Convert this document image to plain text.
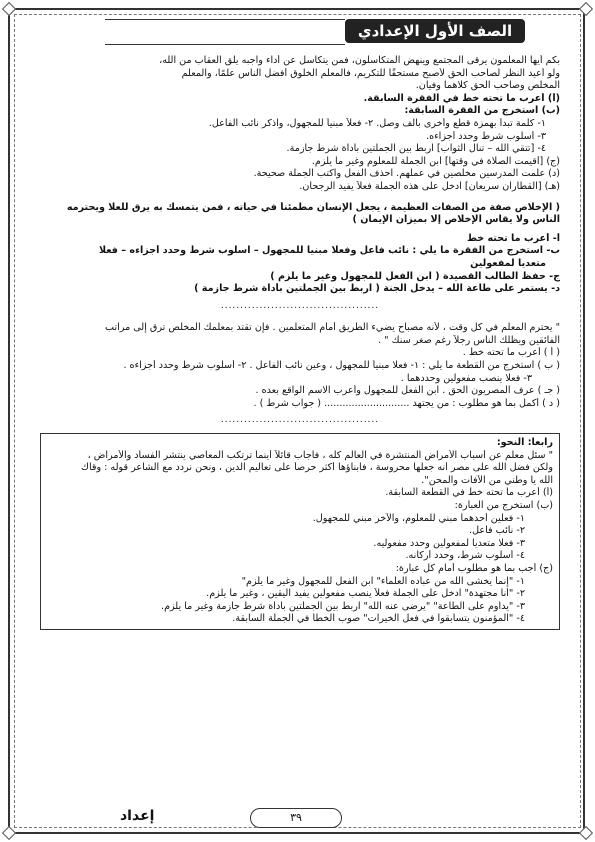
الصف الأول الإعدادي

بكم أيها المعلمون يرقى المجتمع وينهض المتكاسلون، فمن يتكاسل عن أداء واجبه يلق العقاب من الله،

ولو أعيد النظر لصاحب الحق لأصبح مستحقًا للتكريم، فالمعلم الخلوق أفضل الناس علمًا، والمعلم

المخلص وصاحب الحق كلاهما وفيان.

(أ) أعرب ما تحته خط في الفقرة السابقة.

(ب) استخرج من الفقرة السابقة:

١- كلمة تبدأ بهمزة قطع وأخرى بألف وصل. ٢- فعلاً مبنياً للمجهول، واذكر نائب الفاعل.

٣- أسلوب شرط وحدد أجزاءه.

٤- [تتقي الله – تنال الثواب] اربط بين الجملتين بأداة شرط جازمة.

(ج) [أقيمت الصلاة في وقتها] ابن الجملة للمعلوم وغير ما يلزم.

(د) علمت المدرسين مخلصين في عملهم. احذف الفعل واكتب الجملة صحيحة.

(هـ) [القطاران سريعان] ادخل على هذه الجملة فعلاً يفيد الرجحان.

( الإخلاص صفة من الصفات العظيمة ، يجعل الإنسان مطمئناً في حياته ، فمن يتمسك به يرق للعلا ويحترمه

الناس ولا يقاس الإخلاص إلا بميزان الإيمان )

أ- أعرب ما تحته خط

ب- استخرج من الفقرة ما يلي : نائب فاعل وفعلا مبنيا للمجهول – اسلوب شرط وحدد أجزاءه – فعلا

متعديا لمفعولين

ج- حفظ الطالب القصيدة ( ابن الفعل للمجهول وغير ما يلزم )

د- يستمر على طاعة الله – يدخل الجنة ( اربط بين الجملتين بأداة شرط جازمة )

.........................................

" يحترم المعلم في كل وقت ، لأنه مصباح يضيء الطريق أمام المتعلمين . فإن تقتد بمعلمك المخلص ترق إلى مراتب

الفائقين ويظلك الناس رجلاً رغم صغر سنك " .

( أ ) أعرب ما تحته خط .

( ب ) استخرج من القطعة ما يلي : ١- فعلا مبنياً للمجهول ، وعين نائب الفاعل . ٢- أسلوب شرط وحدد أجزاءه .

٣- فعلا ينصب مفعولين وحددهما .

( جـ ) عرف المصريون الحق . ابن الفعل للمجهول وأعرب الاسم الواقع بعده .

( د ) أكمل بما هو مطلوب : من يجتهد ............................ ( جواب شرط ) .

.........................................

رابعا: النحو:

" سئل معلم عن أسباب الأمراض المنتشرة في العالم كله ، فأجاب قائلاً أينما ترتكب المعاصي ينتشر الفساد والأمراض ،

ولكن فضل الله على مصر أنه جعلها محروسة ، فأبناؤها أكثر حرصاً على تعاليم الدين ، ونحن نردد مع الشاعر قوله : وقاك

الله يا وطني من الآفات والمحن".

(أ) أعرب ما تحته خط في القطعة السابقة.

(ب) استخرج من العبارة:

١- فعلين أحدهما مبني للمعلوم، والآخر مبني للمجهول.

٢- نائب فاعل.

٣- فعلا متعديا لمفعولين وحدد مفعوليه.

٤- أسلوب شرط، وحدد أركانه.

(ج) أجب بما هو مطلوب أمام كل عبارة:

١- "إنما يخشى الله من عباده العلماء" ابن الفعل للمجهول وغير ما يلزم"

٢- "أنا مجتهدة" ادخل على الجملة فعلاً ينصب مفعولين يفيد اليقين ، وغير ما يلزم.

٣- "يداوم على الطاعة" "يرضى عنه الله" اربط بين الجملتين بأداة شرط جازمة وغير ما يلزم.

٤- "المؤمنون يتسابقوا في فعل الخيرات" صوب الخطأ في الجملة السابقة.

٣٩
إعداد
